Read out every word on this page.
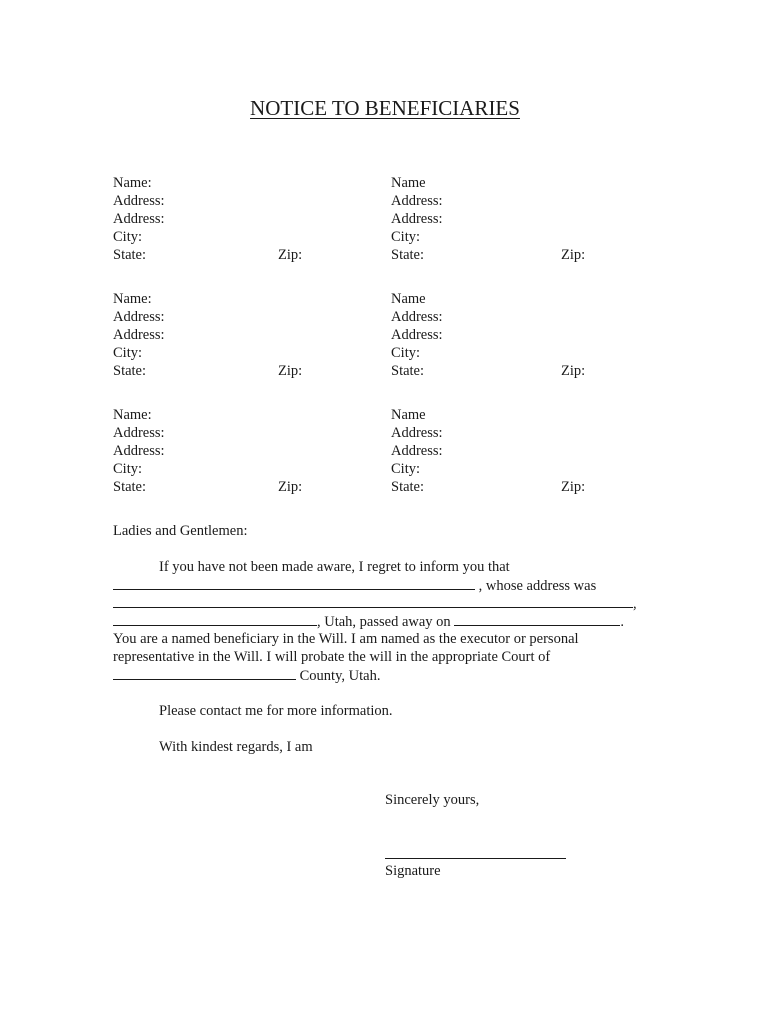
NOTICE TO BENEFICIARIES
Name:
Address:
Address:
City:
State:	Zip:
Name
Address:
Address:
City:
State:	Zip:
Name:
Address:
Address:
City:
State:	Zip:
Name
Address:
Address:
City:
State:	Zip:
Name:
Address:
Address:
City:
State:	Zip:
Name
Address:
Address:
City:
State:	Zip:
Ladies and Gentlemen:
If you have not been made aware, I regret to inform you that
, whose address was
,
, Utah, passed away on	.
You are a named beneficiary in the Will. I am named as the executor or personal
representative in the Will. I will probate the will in the appropriate Court of
County, Utah.
Please contact me for more information.
With kindest regards, I am
Sincerely yours,
Signature
